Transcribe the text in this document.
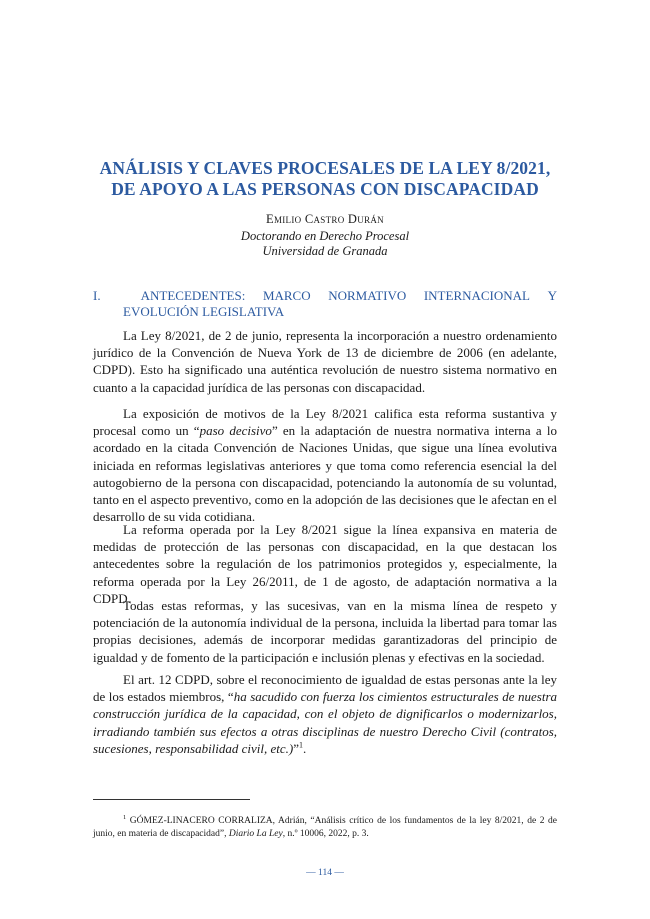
ANÁLISIS Y CLAVES PROCESALES DE LA LEY 8/2021,
DE APOYO A LAS PERSONAS CON DISCAPACIDAD
Emilio Castro Durán
Doctorando en Derecho Procesal
Universidad de Granada
I.	ANTECEDENTES: MARCO NORMATIVO INTERNACIONAL Y
EVOLUCIÓN LEGISLATIVA

La Ley 8/2021, de 2 de junio, representa la incorporación a nuestro ordenamiento jurídico de la Convención de Nueva York de 13 de diciembre de 2006 (en adelante, CDPD). Esto ha significado una auténtica revolución de nuestro sistema normativo en cuanto a la capacidad jurídica de las personas con discapacidad.

La exposición de motivos de la Ley 8/2021 califica esta reforma sustantiva y procesal como un “paso decisivo” en la adaptación de nuestra normativa interna a lo acordado en la citada Convención de Naciones Unidas, que sigue una línea evolutiva iniciada en reformas legislativas anteriores y que toma como referencia esencial la del autogobierno de la persona con discapacidad, potenciando la autonomía de su voluntad, tanto en el aspecto preventivo, como en la adopción de las decisiones que le afectan en el desarrollo de su vida cotidiana.

La reforma operada por la Ley 8/2021 sigue la línea expansiva en materia de medidas de protección de las personas con discapacidad, en la que destacan los antecedentes sobre la regulación de los patrimonios protegidos y, especialmente, la reforma operada por la Ley 26/2011, de 1 de agosto, de adaptación normativa a la CDPD.

Todas estas reformas, y las sucesivas, van en la misma línea de respeto y potenciación de la autonomía individual de la persona, incluida la libertad para tomar las propias decisiones, además de incorporar medidas garantizadoras del principio de igualdad y de fomento de la participación e inclusión plenas y efectivas en la sociedad.

El art. 12 CDPD, sobre el reconocimiento de igualdad de estas personas ante la ley de los estados miembros, “ha sacudido con fuerza los cimientos estructurales de nuestra construcción jurídica de la capacidad, con el objeto de dignificarlos o modernizarlos, irradiando también sus efectos a otras disciplinas de nuestro Derecho Civil (contratos, sucesiones, responsabilidad civil, etc.)”$^1$.

$^1$ GÓMEZ-LINACERO CORRALIZA, Adrián, “Análisis crítico de los fundamentos de la ley 8/2021, de 2 de junio, en materia de discapacidad”, Diario La Ley, n.º 10006, 2022, p. 3.

— 114 —
